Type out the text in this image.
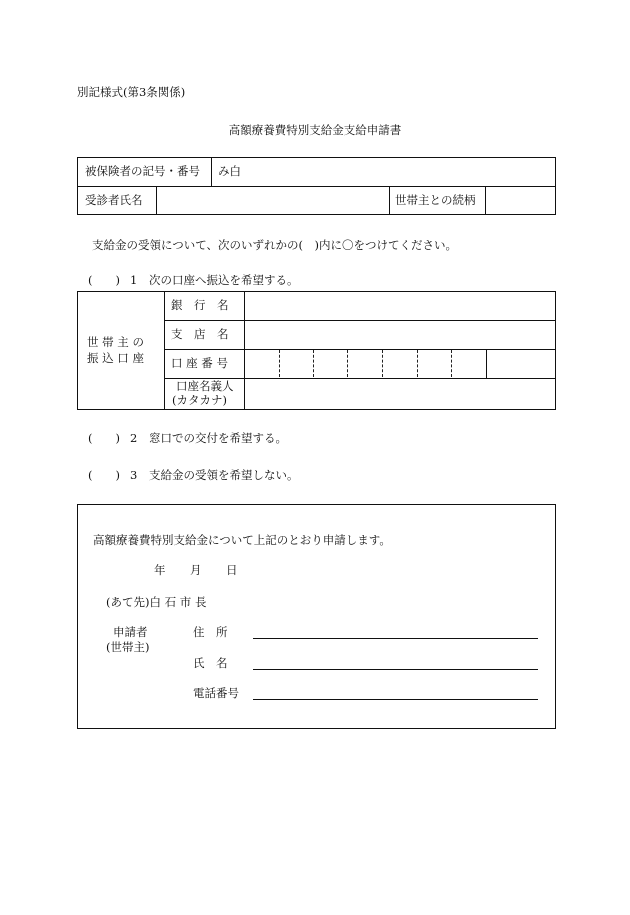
別記様式(第3条関係)
高額療養費特別支給金支給申請書
被保険者の記号・番号 み白
受診者氏名	世帯主との続柄
支給金の受領について、次のいずれかの(　)内に〇をつけてください。
(　　) 1 次の口座へ振込を希望する。
世 帯 主 の
振 込 口 座
銀　行　名
支　店　名
口 座 番 号
口座名義人
(カタカナ)
(　　) 2 窓口での交付を希望する。
(　　) 3 支給金の受領を希望しない。
高額療養費特別支給金について上記のとおり申請します。
年 月 日
(あて先)白 石 市 長
申請者
(世帯主)
住　所
氏　名
電話番号
